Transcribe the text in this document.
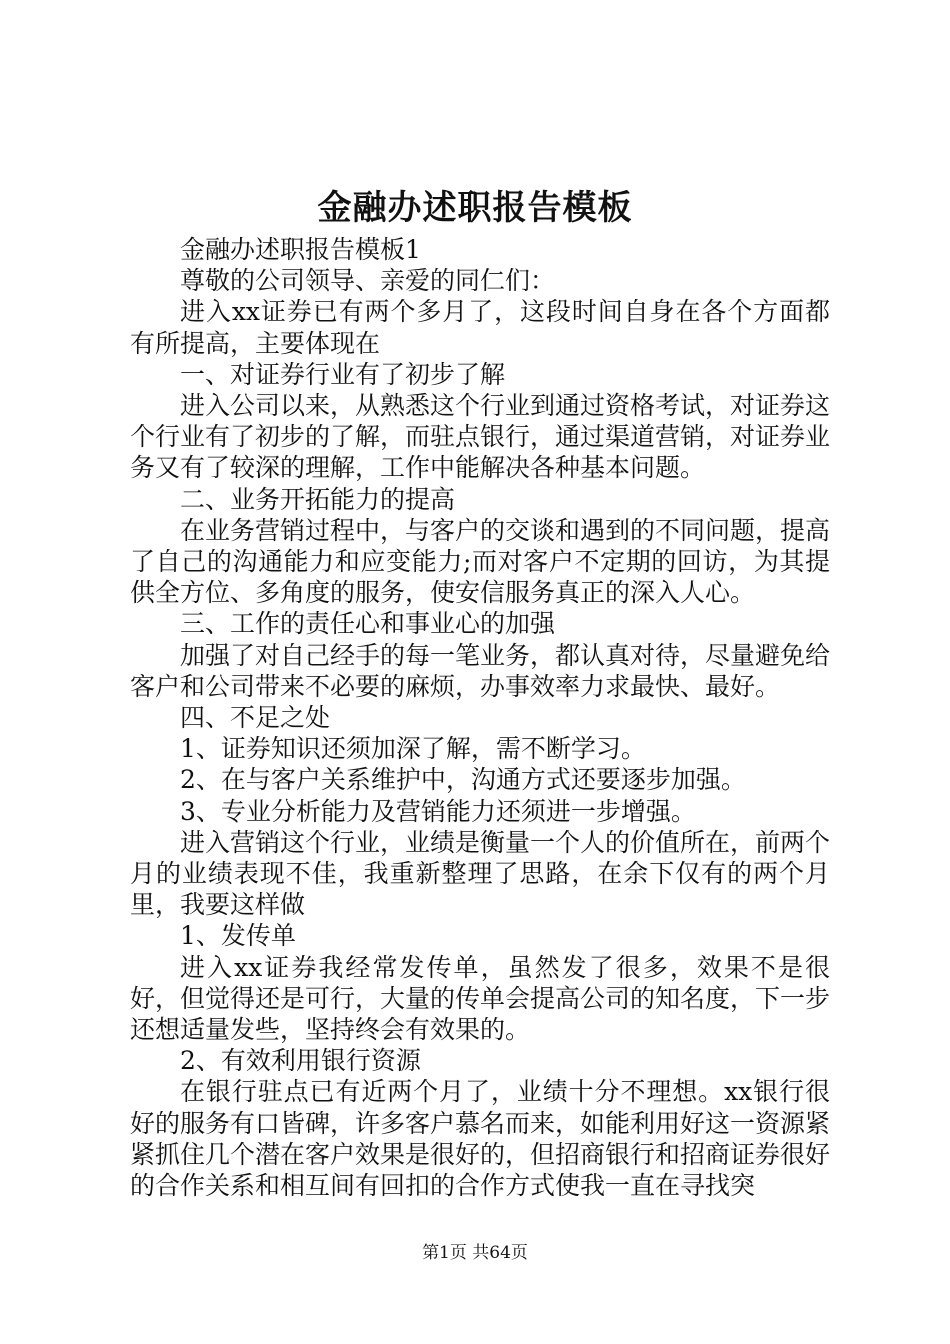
金融办述职报告模板

金融办述职报告模板1

尊敬的公司领导、亲爱的同仁们：

进入xx证券已有两个多月了，这段时间自身在各个方面都有所提高，主要体现在

一、对证券行业有了初步了解

进入公司以来，从熟悉这个行业到通过资格考试，对证券这个行业有了初步的了解，而驻点银行，通过渠道营销，对证券业务又有了较深的理解，工作中能解决各种基本问题。

二、业务开拓能力的提高

在业务营销过程中，与客户的交谈和遇到的不同问题，提高了自己的沟通能力和应变能力;而对客户不定期的回访，为其提供全方位、多角度的服务，使安信服务真正的深入人心。

三、工作的责任心和事业心的加强

加强了对自己经手的每一笔业务，都认真对待，尽量避免给客户和公司带来不必要的麻烦，办事效率力求最快、最好。

四、不足之处

1、证券知识还须加深了解，需不断学习。

2、在与客户关系维护中，沟通方式还要逐步加强。

3、专业分析能力及营销能力还须进一步增强。

进入营销这个行业，业绩是衡量一个人的价值所在，前两个月的业绩表现不佳，我重新整理了思路，在余下仅有的两个月里，我要这样做

1、发传单

进入xx证券我经常发传单，虽然发了很多，效果不是很好，但觉得还是可行，大量的传单会提高公司的知名度，下一步还想适量发些，坚持终会有效果的。

2、有效利用银行资源

在银行驻点已有近两个月了，业绩十分不理想。xx银行很好的服务有口皆碑，许多客户慕名而来，如能利用好这一资源紧紧抓住几个潜在客户效果是很好的，但招商银行和招商证券很好的合作关系和相互间有回扣的合作方式使我一直在寻找突

第1页 共64页
